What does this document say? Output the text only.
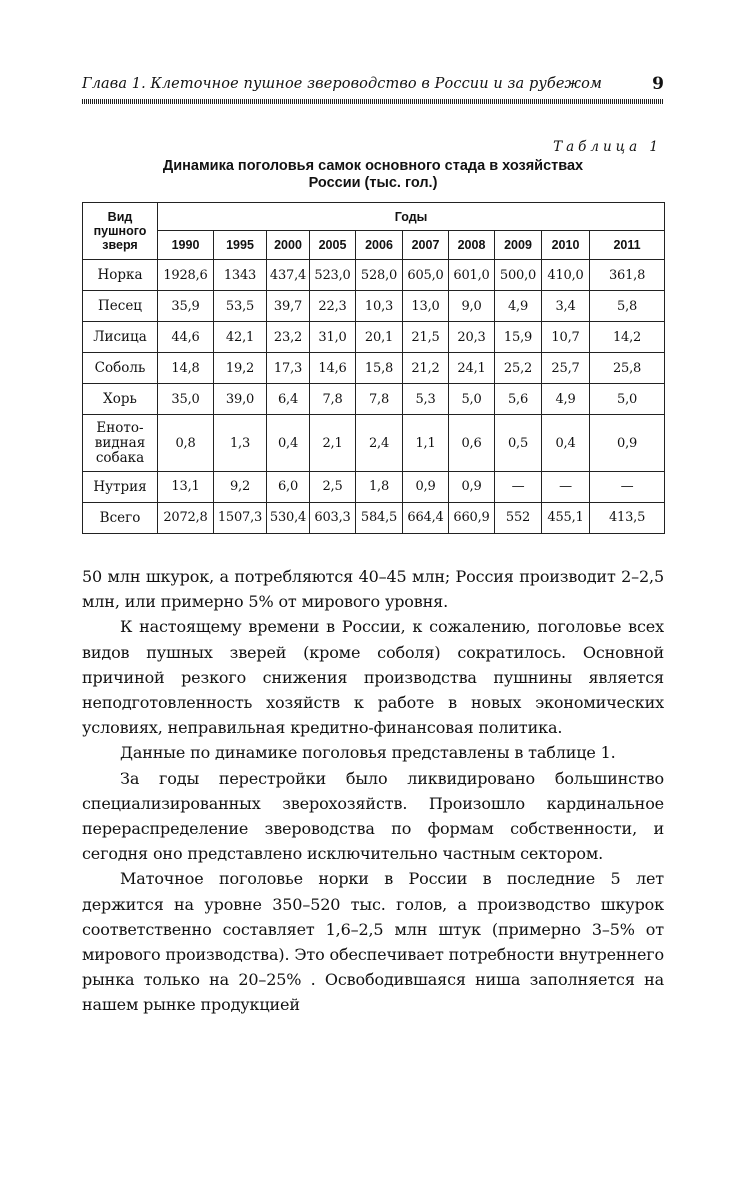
Глава 1. Клеточное пушное звероводство в России и за рубежом	9
Таблица 1
Динамика поголовья самок основного стада в хозяйствах
России (тыс. гол.)
Вид
пушного
зверя	Годы									
	1990	1995	2000	2005	2006	2007	2008	2009	2010	2011
Норка	1928,6	1343	437,4	523,0	528,0	605,0	601,0	500,0	410,0	361,8
Песец	35,9	53,5	39,7	22,3	10,3	13,0	9,0	4,9	3,4	5,8
Лисица	44,6	42,1	23,2	31,0	20,1	21,5	20,3	15,9	10,7	14,2
Соболь	14,8	19,2	17,3	14,6	15,8	21,2	24,1	25,2	25,7	25,8
Хорь	35,0	39,0	6,4	7,8	7,8	5,3	5,0	5,6	4,9	5,0

Еното-
видная
собака	0,8	1,3	0,4	2,1	2,4	1,1	0,6	0,5	0,4	0,9
Нутрия	13,1	9,2	6,0	2,5	1,8	0,9	0,9	—	—	—
Всего	2072,8	1507,3	530,4	603,3	584,5	664,4	660,9	552	455,1	413,5

50 млн шкурок, а потребляются 40–45 млн; Россия производит 2–2,5 млн, или примерно 5% от мирового уровня.

К настоящему времени в России, к сожалению, поголовье всех видов пушных зверей (кроме соболя) сократилось. Основной причиной резкого снижения производства пушнины является неподготовленность хозяйств к работе в новых экономических условиях, неправильная кредитно-финансовая политика.

Данные по динамике поголовья представлены в таблице 1.

За годы перестройки было ликвидировано большинство специализированных зверохозяйств. Произошло кардинальное перераспределение звероводства по формам собственности, и сегодня оно представлено исключительно частным сектором.

Маточное поголовье норки в России в последние 5 лет держится на уровне 350–520 тыс. голов, а производство шкурок соответственно составляет 1,6–2,5 млн штук (примерно 3–5% от мирового производства). Это обеспечивает потребности внутреннего рынка только на 20–25% . Освободившаяся ниша заполняется на нашем рынке продукцией
